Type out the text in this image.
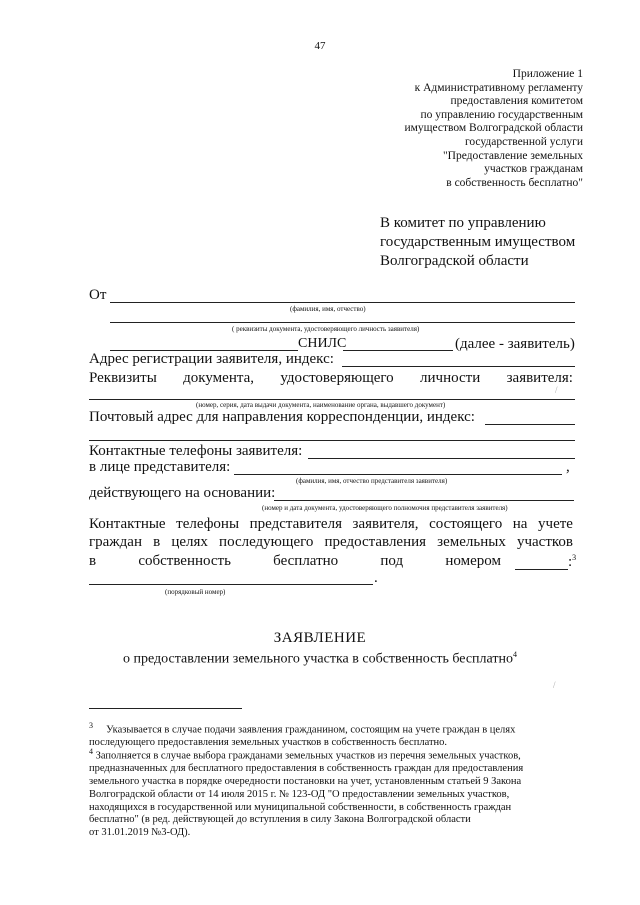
47
Приложение 1
к Административному регламенту
предоставления комитетом
по управлению государственным
имуществом Волгоградской области
государственной услуги
"Предоставление земельных
участков гражданам
в собственность бесплатно"
В комитет по управлению
государственным имуществом
Волгоградской области
От
(фамилия, имя, отчество)
( реквизиты документа, удостоверяющего личность заявителя)
СНИЛС	(далее - заявитель)
Адрес регистрации заявителя, индекс:
Реквизиты документа, удостоверяющего личности заявителя:
(номер, серия, дата выдачи документа, наименование органа, выдавшего документ)
Почтовый адрес для направления корреспонденции, индекс:
Контактные телефоны заявителя:
в лице представителя:	,
(фамилия, имя, отчество представителя заявителя)
действующего на основании:
(номер и дата документа, удостоверяющего полномочия представителя заявителя)
Контактные телефоны представителя заявителя, состоящего на учете
граждан в целях последующего предоставления земельных участков
в	собственность	бесплатно	под	номером	:$^3$
.
(порядковый номер)
ЗАЯВЛЕНИЕ
о предоставлении земельного участка в собственность бесплатно$^4$
/
/
$^3$ Указывается в случае подачи заявления гражданином, состоящим на учете граждан в целях
последующего предоставления земельных участков в собственность бесплатно.
$^4$ Заполняется в случае выбора гражданами земельных участков из перечня земельных участков,
предназначенных для бесплатного предоставления в собственность граждан для предоставления
земельного участка в порядке очередности постановки на учет, установленным статьей 9 Закона
Волгоградской области от 14 июля 2015 г. № 123-ОД "О предоставлении земельных участков,
находящихся в государственной или муниципальной собственности, в собственность граждан
бесплатно" (в ред. действующей до вступления в силу Закона Волгоградской области
от 31.01.2019 №3-ОД).
